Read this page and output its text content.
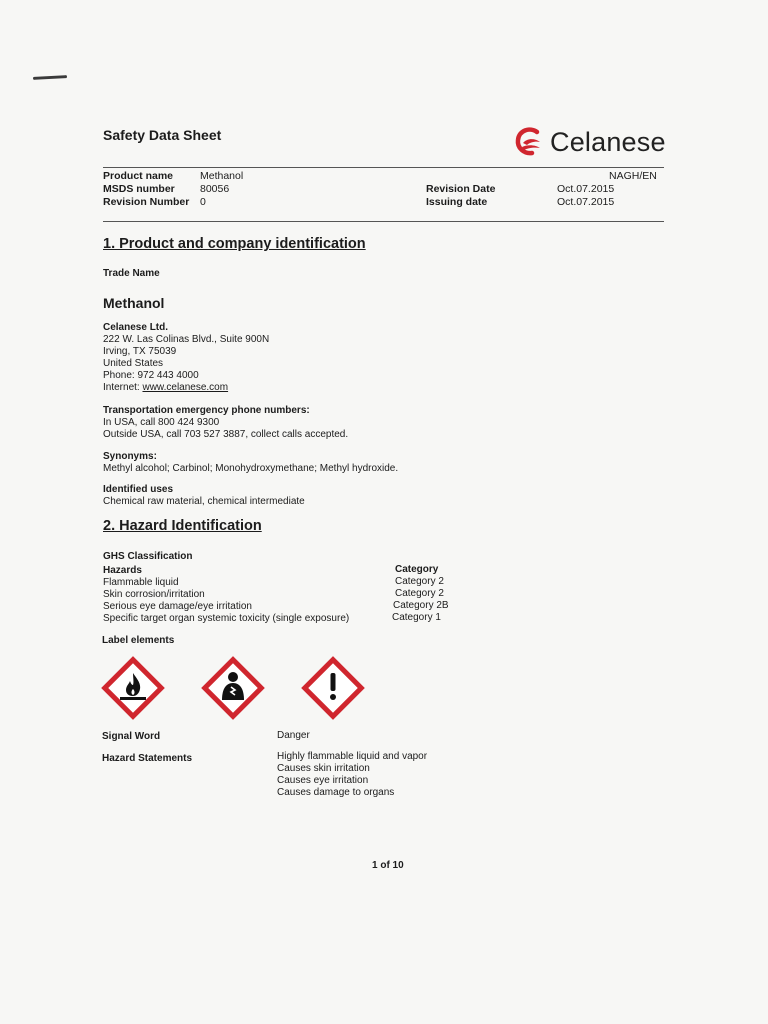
Safety Data Sheet	Celanese
Product name	Methanol	NAGH/EN
MSDS number 80056	Revision Date	Oct.07.2015
Revision Number 0	Issuing date	Oct.07.2015
1. Product and company identification
Trade Name
Methanol
Celanese Ltd.
222 W. Las Colinas Blvd., Suite 900N
Irving, TX 75039
United States
Phone: 972 443 4000
Internet: www.celanese.com
Transportation emergency phone numbers:
In USA, call 800 424 9300
Outside USA, call 703 527 3887, collect calls accepted.
Synonyms:
Methyl alcohol; Carbinol; Monohydroxymethane; Methyl hydroxide.
Identified uses
Chemical raw material, chemical intermediate
2. Hazard Identification
GHS Classification
Hazards	Category
Flammable liquid	Category 2
Skin corrosion/irritation	Category 2
Serious eye damage/eye irritation	Category 2B
Specific target organ systemic toxicity (single exposure)	Category 1
Label elements
Signal Word	Danger
Hazard Statements	Highly flammable liquid and vapor
Causes skin irritation
Causes eye irritation
Causes damage to organs
1 of 10
